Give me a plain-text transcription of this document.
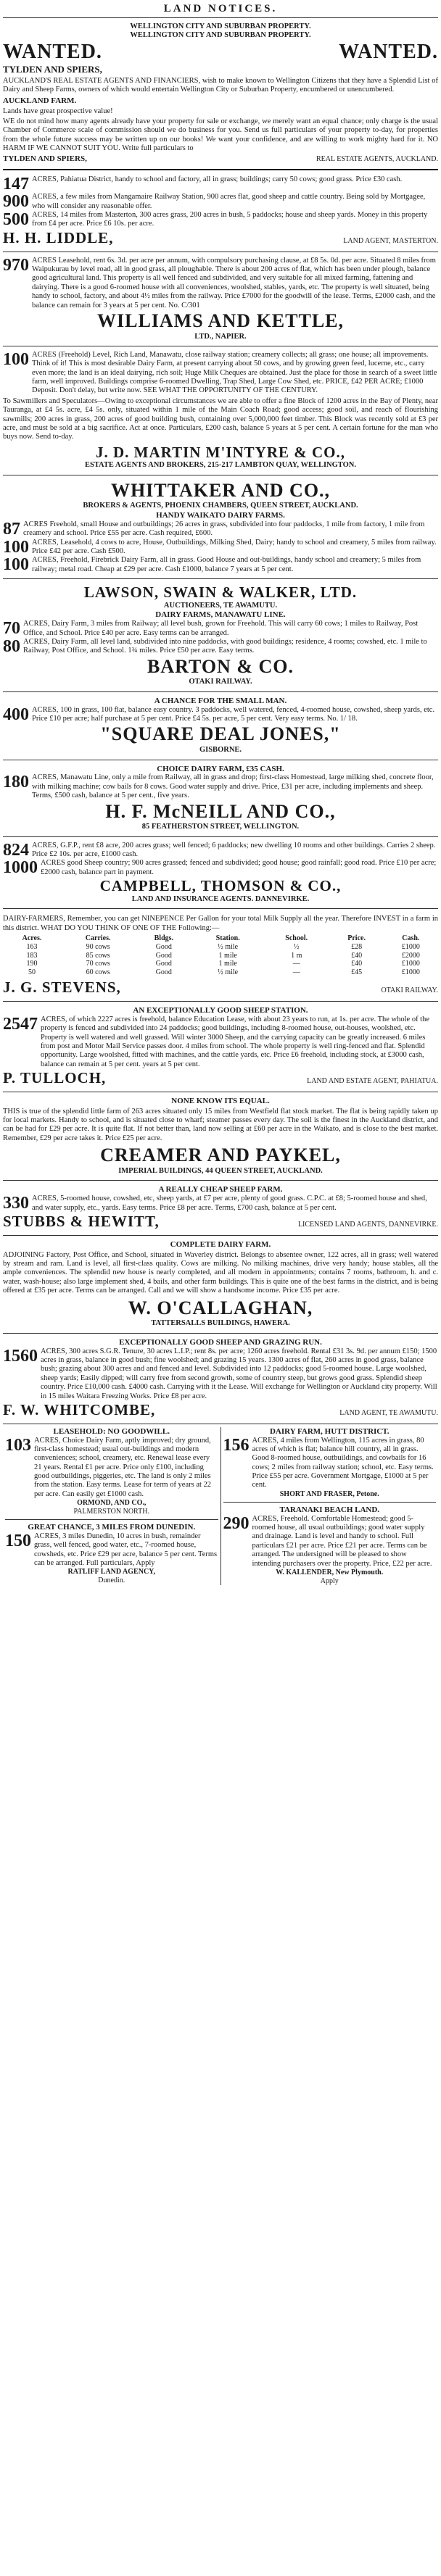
LAND NOTICES.
WELLINGTON CITY AND SUBURBAN PROPERTY.
WELLINGTON CITY AND SUBURBAN PROPERTY.
WANTED.	WANTED.
TYLDEN AND SPIERS,

AUCKLAND'S REAL ESTATE AGENTS AND FINANCIERS, wish to make known to Wellington Citizens that they have a Splendid List of Dairy and Sheep Farms, owners of which would entertain Wellington City or Suburban Property, encumbered or unencumbered.

AUCKLAND FARM.

Lands have great prospective value!

WE do not mind how many agents already have your property for sale or exchange, we merely want an equal chance; only charge is the usual Chamber of Commerce scale of commission should we do business for you. Send us full particulars of your property to-day, for properties from the whole future success may be written up on our books! We want your confidence, and are willing to work mighty hard for it. NO HARM IF WE CANNOT SUIT YOU. Write full particulars to

TYLDEN AND SPIERS,	REAL ESTATE AGENTS, AUCKLAND.
147 ACRES, Pahiatua District, handy to school and factory, all in grass; buildings; carry 50 cows; good grass. Price £30 cash.
900 ACRES, a few miles from Mangamaire Railway Station, 900 acres flat, good sheep and cattle country. Being sold by Mortgagee, who will consider any reasonable offer.
500 ACRES, 14 miles from Masterton, 300 acres grass, 200 acres in bush, 5 paddocks; house and sheep yards. Money in this property from £4 per acre. Price £6 10s. per acre.
H. H. LIDDLE,	LAND AGENT, MASTERTON.
970 ACRES Leasehold, rent 6s. 3d. per acre per annum, with compulsory purchasing clause, at £8 5s. 0d. per acre. Situated 8 miles from Waipukurau by level road, all in good grass, all ploughable. There is about 200 acres of flat, which has been under plough, balance good agricultural land. This property is all well fenced and subdivided, and very suitable for all mixed farming, fattening and dairying. There is a good 6-roomed house with all conveniences, woolshed, stables, yards, etc. The property is well situated, being handy to school, factory, and about 4½ miles from the railway. Price £7000 for the goodwill of the lease. Terms, £2000 cash, and the balance can remain for 3 years at 5 per cent. No. C/301
WILLIAMS AND KETTLE,
LTD., NAPIER.
100 ACRES (Freehold) Level, Rich Land, Manawatu, close railway station; creamery collects; all grass; one house; all improvements. Think of it! This is most desirable Dairy Farm, at present carrying about 50 cows, and by growing green feed, lucerne, etc., carry even more; the land is an ideal dairying, rich soil; Huge Milk Cheques are obtained. Just the place for those in search of a sweet little farm, well improved. Buildings comprise 6-roomed Dwelling, Trap Shed, Large Cow Shed, etc. PRICE, £42 PER ACRE; £1000 Deposit. Don't delay, but write now. SEE WHAT THE OPPORTUNITY OF THE CENTURY.

To Sawmillers and Speculators—Owing to exceptional circumstances we are able to offer a fine Block of 1200 acres in the Bay of Plenty, near Tauranga, at £4 5s. acre, £4 5s. only, situated within 1 mile of the Main Coach Road; good access; good soil, and reach of flourishing sawmills; 200 acres in grass, 200 acres of good building bush, containing over 5,000,000 feet timber. This Block was recently sold at £3 per acre, and must be sold at a big sacrifice. Act at once. Particulars, £200 cash, balance 5 years at 5 per cent. A certain fortune for the man who buys now. Send to-day.

J. D. MARTIN M'INTYRE & CO.,
ESTATE AGENTS AND BROKERS, 215-217 LAMBTON QUAY, WELLINGTON.
WHITTAKER AND CO.,
BROKERS & AGENTS, PHOENIX CHAMBERS, QUEEN STREET, AUCKLAND.
HANDY WAIKATO DAIRY FARMS.
87 ACRES Freehold, small House and outbuildings; 26 acres in grass, subdivided into four paddocks, 1 mile from factory, 1 mile from creamery and school. Price £55 per acre. Cash required, £600.
100 ACRES, Leasehold, 4 cows to acre, House, Outbuildings, Milking Shed, Dairy; handy to school and creamery, 5 miles from railway. Price £42 per acre. Cash £500.
100 ACRES, Freehold, Firebrick Dairy Farm, all in grass. Good House and out-buildings, handy school and creamery; 5 miles from railway; metal road. Cheap at £29 per acre. Cash £1000, balance 7 years at 5 per cent.
LAWSON, SWAIN & WALKER, LTD.
AUCTIONEERS, TE AWAMUTU.
DAIRY FARMS, MANAWATU LINE.
70 ACRES, Dairy Farm, 3 miles from Railway; all level bush, grown for Freehold. This will carry 60 cows; 1 miles to Railway, Post Office, and School. Price £40 per acre. Easy terms can be arranged.
80 ACRES, Dairy Farm, all level land, subdivided into nine paddocks, with good buildings; residence, 4 rooms; cowshed, etc. 1 mile to Railway, Post Office, and School. 1¾ miles. Price £50 per acre. Easy terms.
BARTON & CO.
OTAKI RAILWAY.
A CHANCE FOR THE SMALL MAN.
400 ACRES, 100 in grass, 100 flat, balance easy country. 3 paddocks, well watered, fenced, 4-roomed house, cowshed, sheep yards, etc. Price £10 per acre; half purchase at 5 per cent. Price £4 5s. per acre, 5 per cent. Very easy terms. No. 1/ 18.
"SQUARE DEAL JONES,"
GISBORNE.
CHOICE DAIRY FARM, £35 CASH.
180 ACRES, Manawatu Line, only a mile from Railway, all in grass and drop; first-class Homestead, large milking shed, concrete floor, with milking machine; cow bails for 8 cows. Good water supply and drive. Price, £31 per acre, including implements and sheep. Terms, £500 cash, balance at 5 per cent., five years.
H. F. McNEILL AND CO.,
85 FEATHERSTON STREET, WELLINGTON.
824 ACRES, G.F.P., rent £8 acre, 200 acres grass; well fenced; 6 paddocks; new dwelling 10 rooms and other buildings. Carries 2 sheep. Price £2 10s. per acre, £1000 cash.
1000 ACRES good Sheep country; 900 acres grassed; fenced and subdivided; good house; good rainfall; good road. Price £10 per acre; £2000 cash, balance part in payment.
CAMPBELL, THOMSON & CO.,
LAND AND INSURANCE AGENTS. DANNEVIRKE.

DAIRY-FARMERS, Remember, you can get NINEPENCE Per Gallon for your total Milk Supply all the year. Therefore INVEST in a farm in this district. WHAT DO YOU THINK OF ONE OF THE Following:—

Acres.	Carries.	Bldgs.	Station.	School.	Price.	Cash.
163	90 cows	Good	½ mile	½	£28	£1000
183	85 cows	Good	1 mile	1 m	£40	£2000
190	70 cows	Good	1 mile	—	£40	£1000
50	60 cows	Good	½ mile	—	£45	£1000
J. G. STEVENS,	OTAKI RAILWAY.
AN EXCEPTIONALLY GOOD SHEEP STATION.
2547 ACRES, of which 2227 acres is freehold, balance Education Lease, with about 23 years to run, at 1s. per acre. The whole of the property is fenced and subdivided into 24 paddocks; good buildings, including 8-roomed house, out-houses, woolshed, etc. Property is well watered and well grassed. Will winter 3000 Sheep, and the carrying capacity can be greatly increased. 6 miles from post and Motor Mail Service passes door. 4 miles from school. The whole property is well ring-fenced and flat. Splendid opportunity. Large woolshed, fitted with machines, and the cattle yards, etc. Price £6 freehold, including stock, at £3000 cash, balance can remain at 5 per cent. years at 5 per cent.
P. TULLOCH,	LAND AND ESTATE AGENT, PAHIATUA.
NONE KNOW ITS EQUAL.

THIS is true of the splendid little farm of 263 acres situated only 15 miles from Westfield flat stock market. The flat is being rapidly taken up for local markets. Handy to school, and is situated close to wharf; steamer passes every day. The soil is the finest in the Auckland district, and can be had for £29 per acre. It is quite flat. If not better than, land now selling at £60 per acre in the Waikato, and is close to the best market. Remember, £29 per acre takes it. Price £25 per acre.

CREAMER AND PAYKEL,
IMPERIAL BUILDINGS, 44 QUEEN STREET, AUCKLAND.
A REALLY CHEAP SHEEP FARM.
330 ACRES, 5-roomed house, cowshed, etc, sheep yards, at £7 per acre, plenty of good grass. C.P.C. at £8; 5-roomed house and shed, and water supply, etc., yards. Easy terms. Price £8 per acre. Terms, £700 cash, balance at 5 per cent.
STUBBS & HEWITT,	LICENSED LAND AGENTS, DANNEVIRKE.
COMPLETE DAIRY FARM.

ADJOINING Factory, Post Office, and School, situated in Waverley district. Belongs to absentee owner, 122 acres, all in grass; well watered by stream and ram. Land is level, all first-class quality. Cows are milking. No milking machines, drive very handy; house stables, all the ample conveniences. The splendid new house is nearly completed, and all modern in appointments; contains 7 rooms, bathroom, h. and c. water, wash-house; also large implement shed, 4 bails, and other farm buildings. This is quite one of the best farms in the district, and is being offered at £35 per acre. Terms can be arranged. Call and we will show a handsome income. Price £35 per acre.

W. O'CALLAGHAN,
TATTERSALLS BUILDINGS, HAWERA.
EXCEPTIONALLY GOOD SHEEP AND GRAZING RUN.
1560 ACRES, 300 acres S.G.R. Tenure, 30 acres L.I.P.; rent 8s. per acre; 1260 acres freehold. Rental £31 3s. 9d. per annum £150; 1500 acres in grass, balance in good bush; fine woolshed; and grazing 15 years. 1300 acres of flat, 260 acres in good grass, balance bush; grazing about 300 acres and and fenced and level. Subdivided into 12 paddocks; good 5-roomed house. Large woolshed, sheep yards; Easily dipped; will carry free from second growth, some of country steep, but grows good grass. Splendid sheep country. Price £10,000 cash. £4000 cash. Carrying with it the Lease. Will exchange for Wellington or Auckland city property. Will in 15 miles Waitara Freezing Works. Price £8 per acre.
F. W. WHITCOMBE,	LAND AGENT, TE AWAMUTU.
LEASEHOLD: NO GOODWILL.
103 ACRES, Choice Dairy Farm, aptly improved; dry ground, first-class homestead; usual out-buildings and modern conveniences; school, creamery, etc. Renewal lease every 21 years. Rental £1 per acre. Price only £100, including good outbuildings, piggeries, etc. The land is only 2 miles from the station. Easy terms. Lease for term of years at 22 per acre. Can easily get £1000 cash.
ORMOND, AND CO.,
PALMERSTON NORTH.
GREAT CHANCE, 3 MILES FROM DUNEDIN.
150 ACRES, 3 miles Dunedin, 10 acres in bush, remainder grass, well fenced, good water, etc., 7-roomed house, cowsheds, etc. Price £29 per acre, balance 5 per cent. Terms can be arranged. Full particulars, Apply
RATLIFF LAND AGENCY,
Dunedin.
DAIRY FARM, HUTT DISTRICT.
156 ACRES, 4 miles from Wellington, 115 acres in grass, 80 acres of which is flat; balance hill country, all in grass. Good 8-roomed house, outbuildings, and cowbails for 16 cows; 2 miles from railway station; school, etc. Easy terms. Price £55 per acre. Government Mortgage, £1000 at 5 per cent.
SHORT AND FRASER, Petone.
TARANAKI BEACH LAND.
290 ACRES, Freehold. Comfortable Homestead; good 5-roomed house, all usual outbuildings; good water supply and drainage. Land is level and handy to school. Full particulars £21 per acre. Price £21 per acre. Terms can be arranged. The undersigned will be pleased to show intending purchasers over the property. Price, £22 per acre.
W. KALLENDER, New Plymouth.
Apply
